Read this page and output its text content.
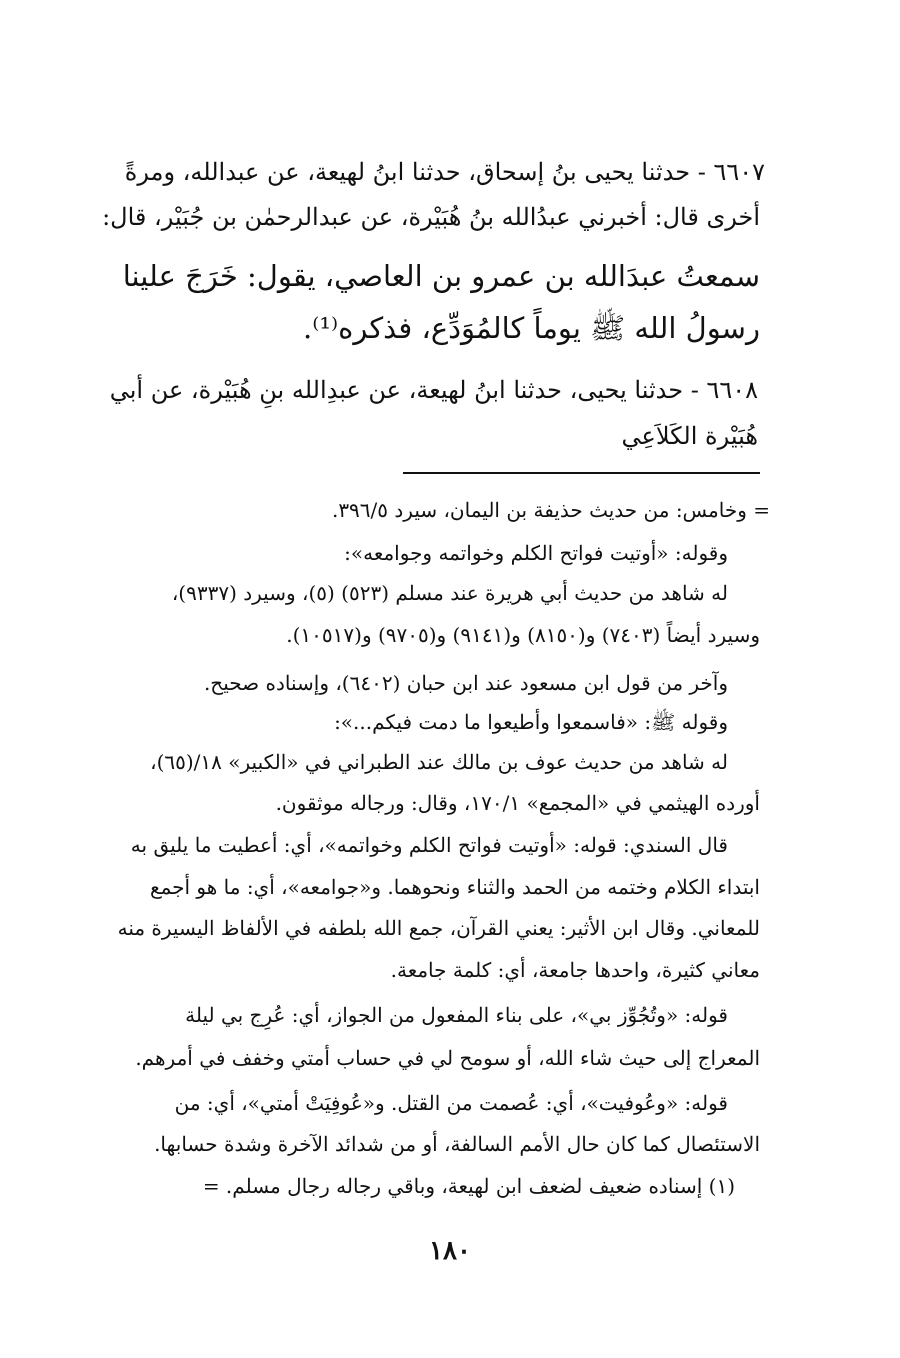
٦٦٠٧ - حدثنا يحيى بنُ إسحاق، حدثنا ابنُ لهيعة، عن عبدالله، ومرةً
أخرى قال: أخبرني عبدُالله بنُ هُبَيْرة، عن عبدالرحمٰن بن جُبَيْر، قال:
سمعتُ عبدَالله بن عمرو بن العاصي، يقول: خَرَجَ علينا
رسولُ الله ﷺ يوماً كالمُوَدِّع، فذكره⁽¹⁾.
٦٦٠٨ - حدثنا يحيى، حدثنا ابنُ لهيعة، عن عبدِالله بنِ هُبَيْرة، عن أبي
هُبَيْرة الكَلاَعِي
= وخامس: من حديث حذيفة بن اليمان، سيرد ٣٩٦/٥.
وقوله: «أوتيت فواتح الكلم وخواتمه وجوامعه»:
له شاهد من حديث أبي هريرة عند مسلم (٥٢٣) (٥)، وسيرد (٩٣٣٧)،
وسيرد أيضاً (٧٤٠٣) و(٨١٥٠) و(٩١٤١) و(٩٧٠٥) و(١٠٥١٧).
وآخر من قول ابن مسعود عند ابن حبان (٦٤٠٢)، وإسناده صحيح.
وقوله ﷺ: «فاسمعوا وأطيعوا ما دمت فيكم...»:
له شاهد من حديث عوف بن مالك عند الطبراني في «الكبير» ١٨/(٦٥)،
أورده الهيثمي في «المجمع» ١٧٠/١، وقال: ورجاله موثقون.
قال السندي: قوله: «أوتيت فواتح الكلم وخواتمه»، أي: أعطيت ما يليق به
ابتداء الكلام وختمه من الحمد والثناء ونحوهما. و«جوامعه»، أي: ما هو أجمع
للمعاني. وقال ابن الأثير: يعني القرآن، جمع الله بلطفه في الألفاظ اليسيرة منه
معاني كثيرة، واحدها جامعة، أي: كلمة جامعة.
قوله: «وتُجُوِّز بي»، على بناء المفعول من الجواز، أي: عُرِج بي ليلة
المعراج إلى حيث شاء الله، أو سومح لي في حساب أمتي وخفف في أمرهم.
قوله: «وعُوفيت»، أي: عُصمت من القتل. و«عُوفِيَتْ أمتي»، أي: من
الاستئصال كما كان حال الأمم السالفة، أو من شدائد الآخرة وشدة حسابها.
(١) إسناده ضعيف لضعف ابن لهيعة، وباقي رجاله رجال مسلم. =
١٨٠
